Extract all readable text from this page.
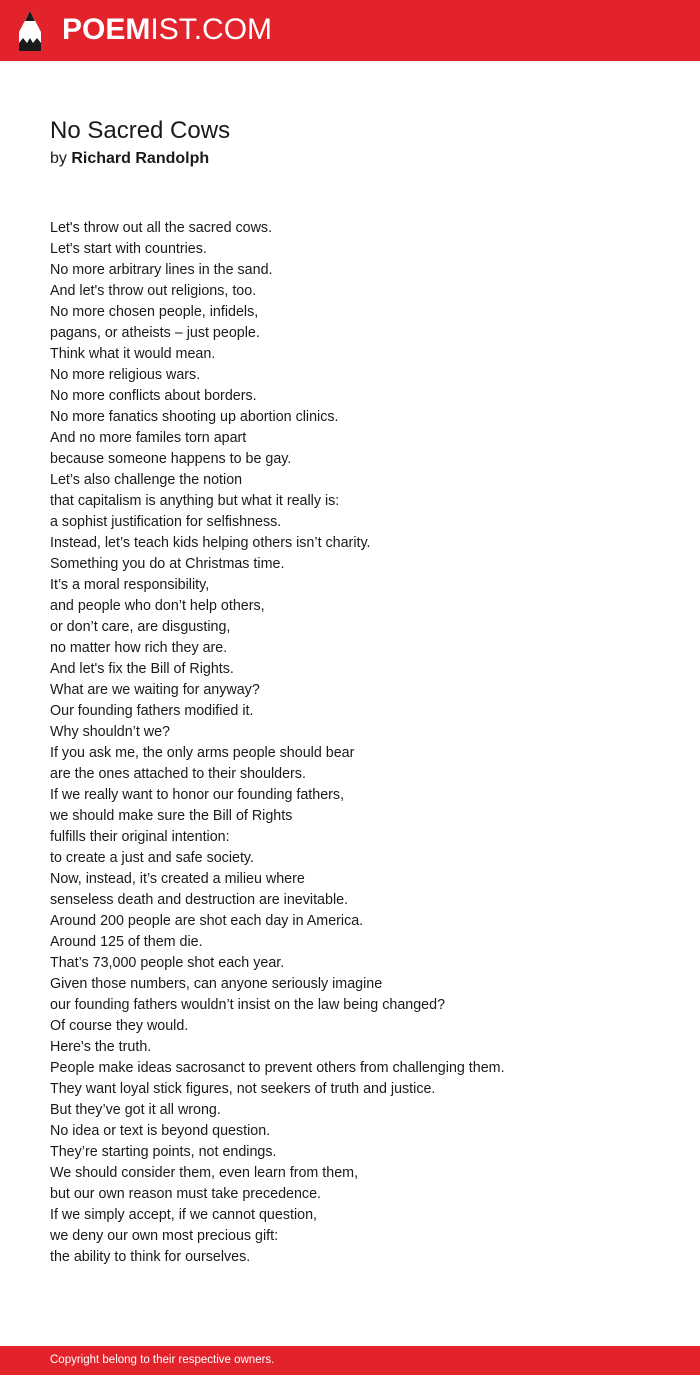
POEMIST.COM
No Sacred Cows
by Richard Randolph
Let's throw out all the sacred cows.
Let's start with countries.
No more arbitrary lines in the sand.
And let's throw out religions, too.
No more chosen people, infidels,
pagans, or atheists – just people.
Think what it would mean.
No more religious wars.
No more conflicts about borders.
No more fanatics shooting up abortion clinics.
And no more familes torn apart
because someone happens to be gay.
Let’s also challenge the notion
that capitalism is anything but what it really is:
a sophist justification for selfishness.
Instead, let’s teach kids helping others isn’t charity.
Something you do at Christmas time.
It’s a moral responsibility,
and people who don’t help others,
or don’t care, are disgusting,
no matter how rich they are.
And let's fix the Bill of Rights.
What are we waiting for anyway?
Our founding fathers modified it.
Why shouldn’t we?
If you ask me, the only arms people should bear
are the ones attached to their shoulders.
If we really want to honor our founding fathers,
we should make sure the Bill of Rights
fulfills their original intention:
to create a just and safe society.
Now, instead, it’s created a milieu where
senseless death and destruction are inevitable.
Around 200 people are shot each day in America.
Around 125 of them die.
That’s 73,000 people shot each year.
Given those numbers, can anyone seriously imagine
our founding fathers wouldn’t insist on the law being changed?
Of course they would.
Here's the truth.
People make ideas sacrosanct to prevent others from challenging them.
They want loyal stick figures, not seekers of truth and justice.
But they’ve got it all wrong.
No idea or text is beyond question.
They’re starting points, not endings.
We should consider them, even learn from them,
but our own reason must take precedence.
If we simply accept, if we cannot question,
we deny our own most precious gift:
the ability to think for ourselves.
Copyright belong to their respective owners.
